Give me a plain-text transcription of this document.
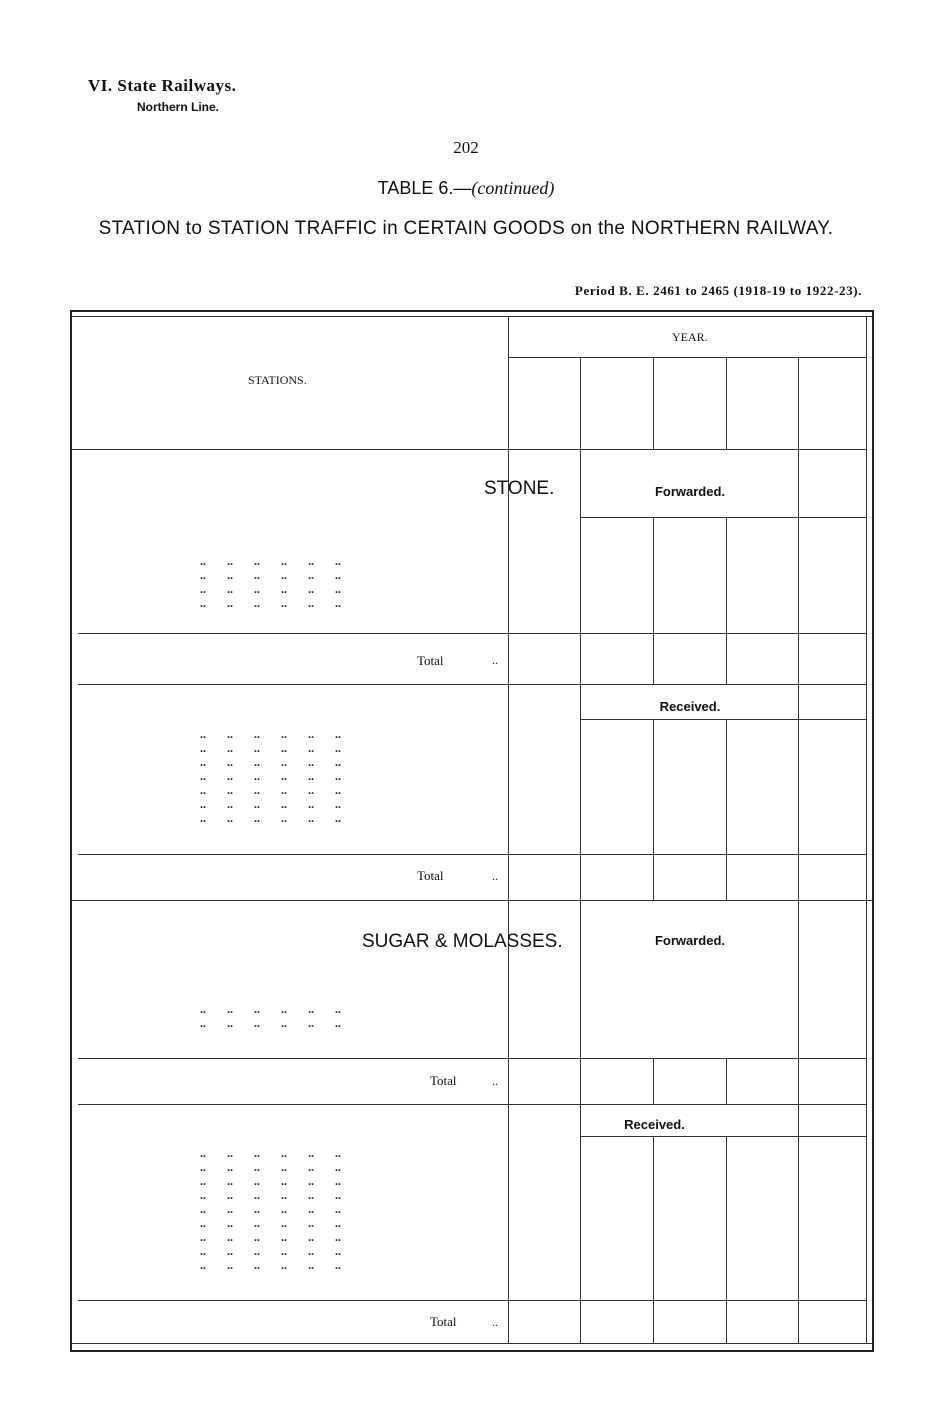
VI. State Railways.
Northern Line.
202
TABLE 6.—(continued)
STATION to STATION TRAFFIC in CERTAIN GOODS on the NORTHERN RAILWAY.
Period B. E. 2461 to 2465 (1918-19 to 1922-23).
STATIONS.
YEAR.
STONE.	Forwarded.
..       ..       ..       ..       ..       ..
..       ..       ..       ..       ..       ..
..       ..       ..       ..       ..       ..
..       ..       ..       ..       ..       ..
Total	..
Received.
..       ..       ..       ..       ..       ..
..       ..       ..       ..       ..       ..
..       ..       ..       ..       ..       ..
..       ..       ..       ..       ..       ..
..       ..       ..       ..       ..       ..
..       ..       ..       ..       ..       ..
..       ..       ..       ..       ..       ..
Total	..
SUGAR & MOLASSES.	Forwarded.
..       ..       ..       ..       ..       ..
..       ..       ..       ..       ..       ..
Total	..
Received.
..       ..       ..       ..       ..       ..
..       ..       ..       ..       ..       ..
..       ..       ..       ..       ..       ..
..       ..       ..       ..       ..       ..
..       ..       ..       ..       ..       ..
..       ..       ..       ..       ..       ..
..       ..       ..       ..       ..       ..
..       ..       ..       ..       ..       ..
..       ..       ..       ..       ..       ..
Total	..
